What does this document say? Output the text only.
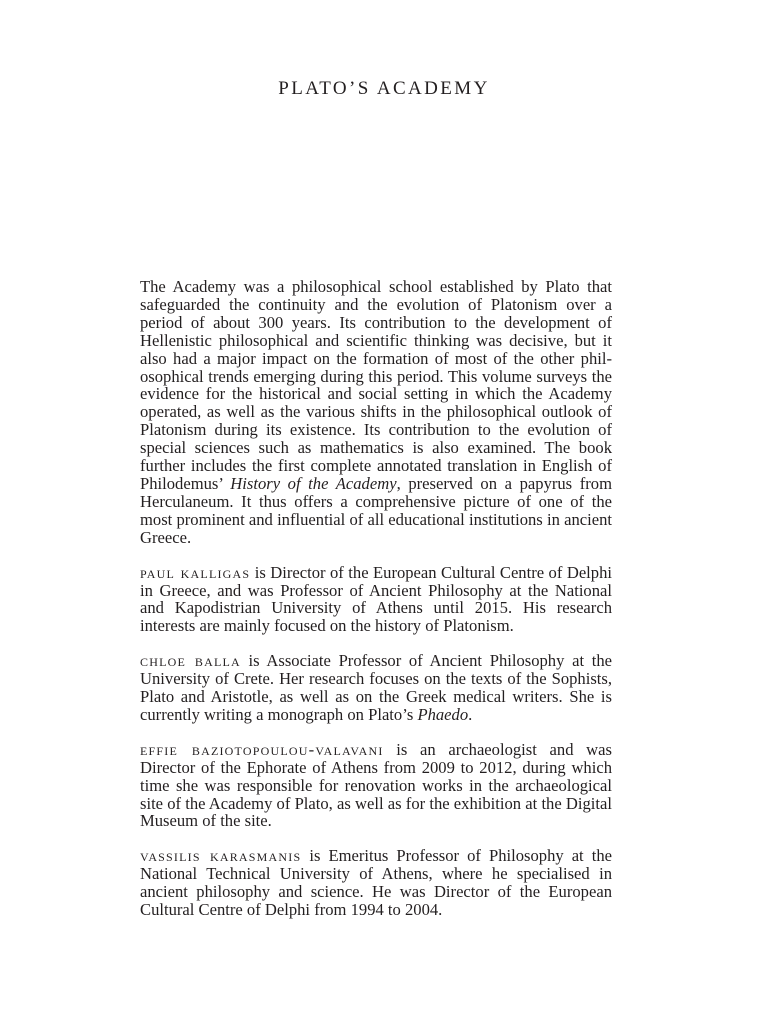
PLATO’S ACADEMY

The Academy was a philosophical school established by Plato that safeguarded the continuity and the evolution of Platonism over a period of about 300 years. Its contribution to the development of Hellenistic philosophical and scientific thinking was decisive, but it also had a major impact on the formation of most of the other philosophical trends emerging during this period. This volume surveys the evidence for the historical and social setting in which the Academy operated, as well as the various shifts in the philosophical outlook of Platonism during its existence. Its contribution to the evolution of special sciences such as mathematics is also examined. The book further includes the first complete annotated translation in English of Philodemus’ History of the Academy, preserved on a papyrus from Herculaneum. It thus offers a comprehensive picture of one of the most prominent and influential of all educational institutions in ancient Greece.

paul kalligas is Director of the European Cultural Centre of Delphi in Greece, and was Professor of Ancient Philosophy at the National and Kapodistrian University of Athens until 2015. His research interests are mainly focused on the history of Platonism.

chloe balla is Associate Professor of Ancient Philosophy at the University of Crete. Her research focuses on the texts of the Sophists, Plato and Aristotle, as well as on the Greek medical writers. She is currently writing a monograph on Plato’s Phaedo.

effie baziotopoulou-valavani is an archaeologist and was Director of the Ephorate of Athens from 2009 to 2012, during which time she was responsible for renovation works in the archaeological site of the Academy of Plato, as well as for the exhibition at the Digital Museum of the site.

vassilis karasmanis is Emeritus Professor of Philosophy at the National Technical University of Athens, where he specialised in ancient philosophy and science. He was Director of the European Cultural Centre of Delphi from 1994 to 2004.
